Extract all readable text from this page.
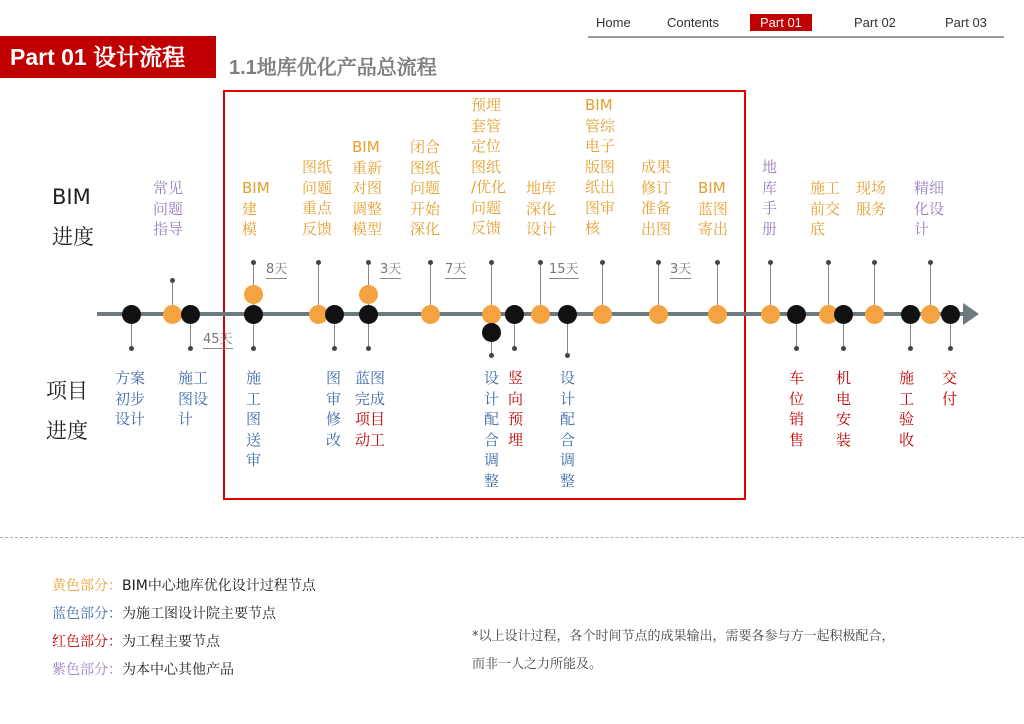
Home	Contents	Part 01	Part 02	Part 03
Part 01 设计流程	1.1地库优化产品总流程
BIM
进度
项目
进度
常见
问题
指导
BIM
建
模
图纸
问题
重点
反馈
BIM
重新
对图
调整
模型
闭合
图纸
问题
开始
深化
预埋
套管
定位
图纸
/优化
问题
反馈
地库
深化
设计
BIM
管综
电子
版图
纸出
图审
核
成果
修订
准备
出图
BIM
蓝图
寄出
地
库
手
册
施工
前交
底
现场
服务
精细
化设
计
方案
初步
设计
施工
图设
计
施
工
图
送
审
图
审
修
改
蓝图
完成
项目
动工
设
计
配
合
调
整
竖
向
预
埋
设
计
配
合
调
整
车
位
销
售
机
电
安
装
施
工
验
收
交
付
45天
8天	3天	7天	15天	3天
黄色部分：BIM中心地库优化设计过程节点
蓝色部分：为施工图设计院主要节点
红色部分：为工程主要节点
紫色部分：为本中心其他产品
*以上设计过程，各个时间节点的成果输出，需要各参与方一起积极配合，
而非一人之力所能及。
